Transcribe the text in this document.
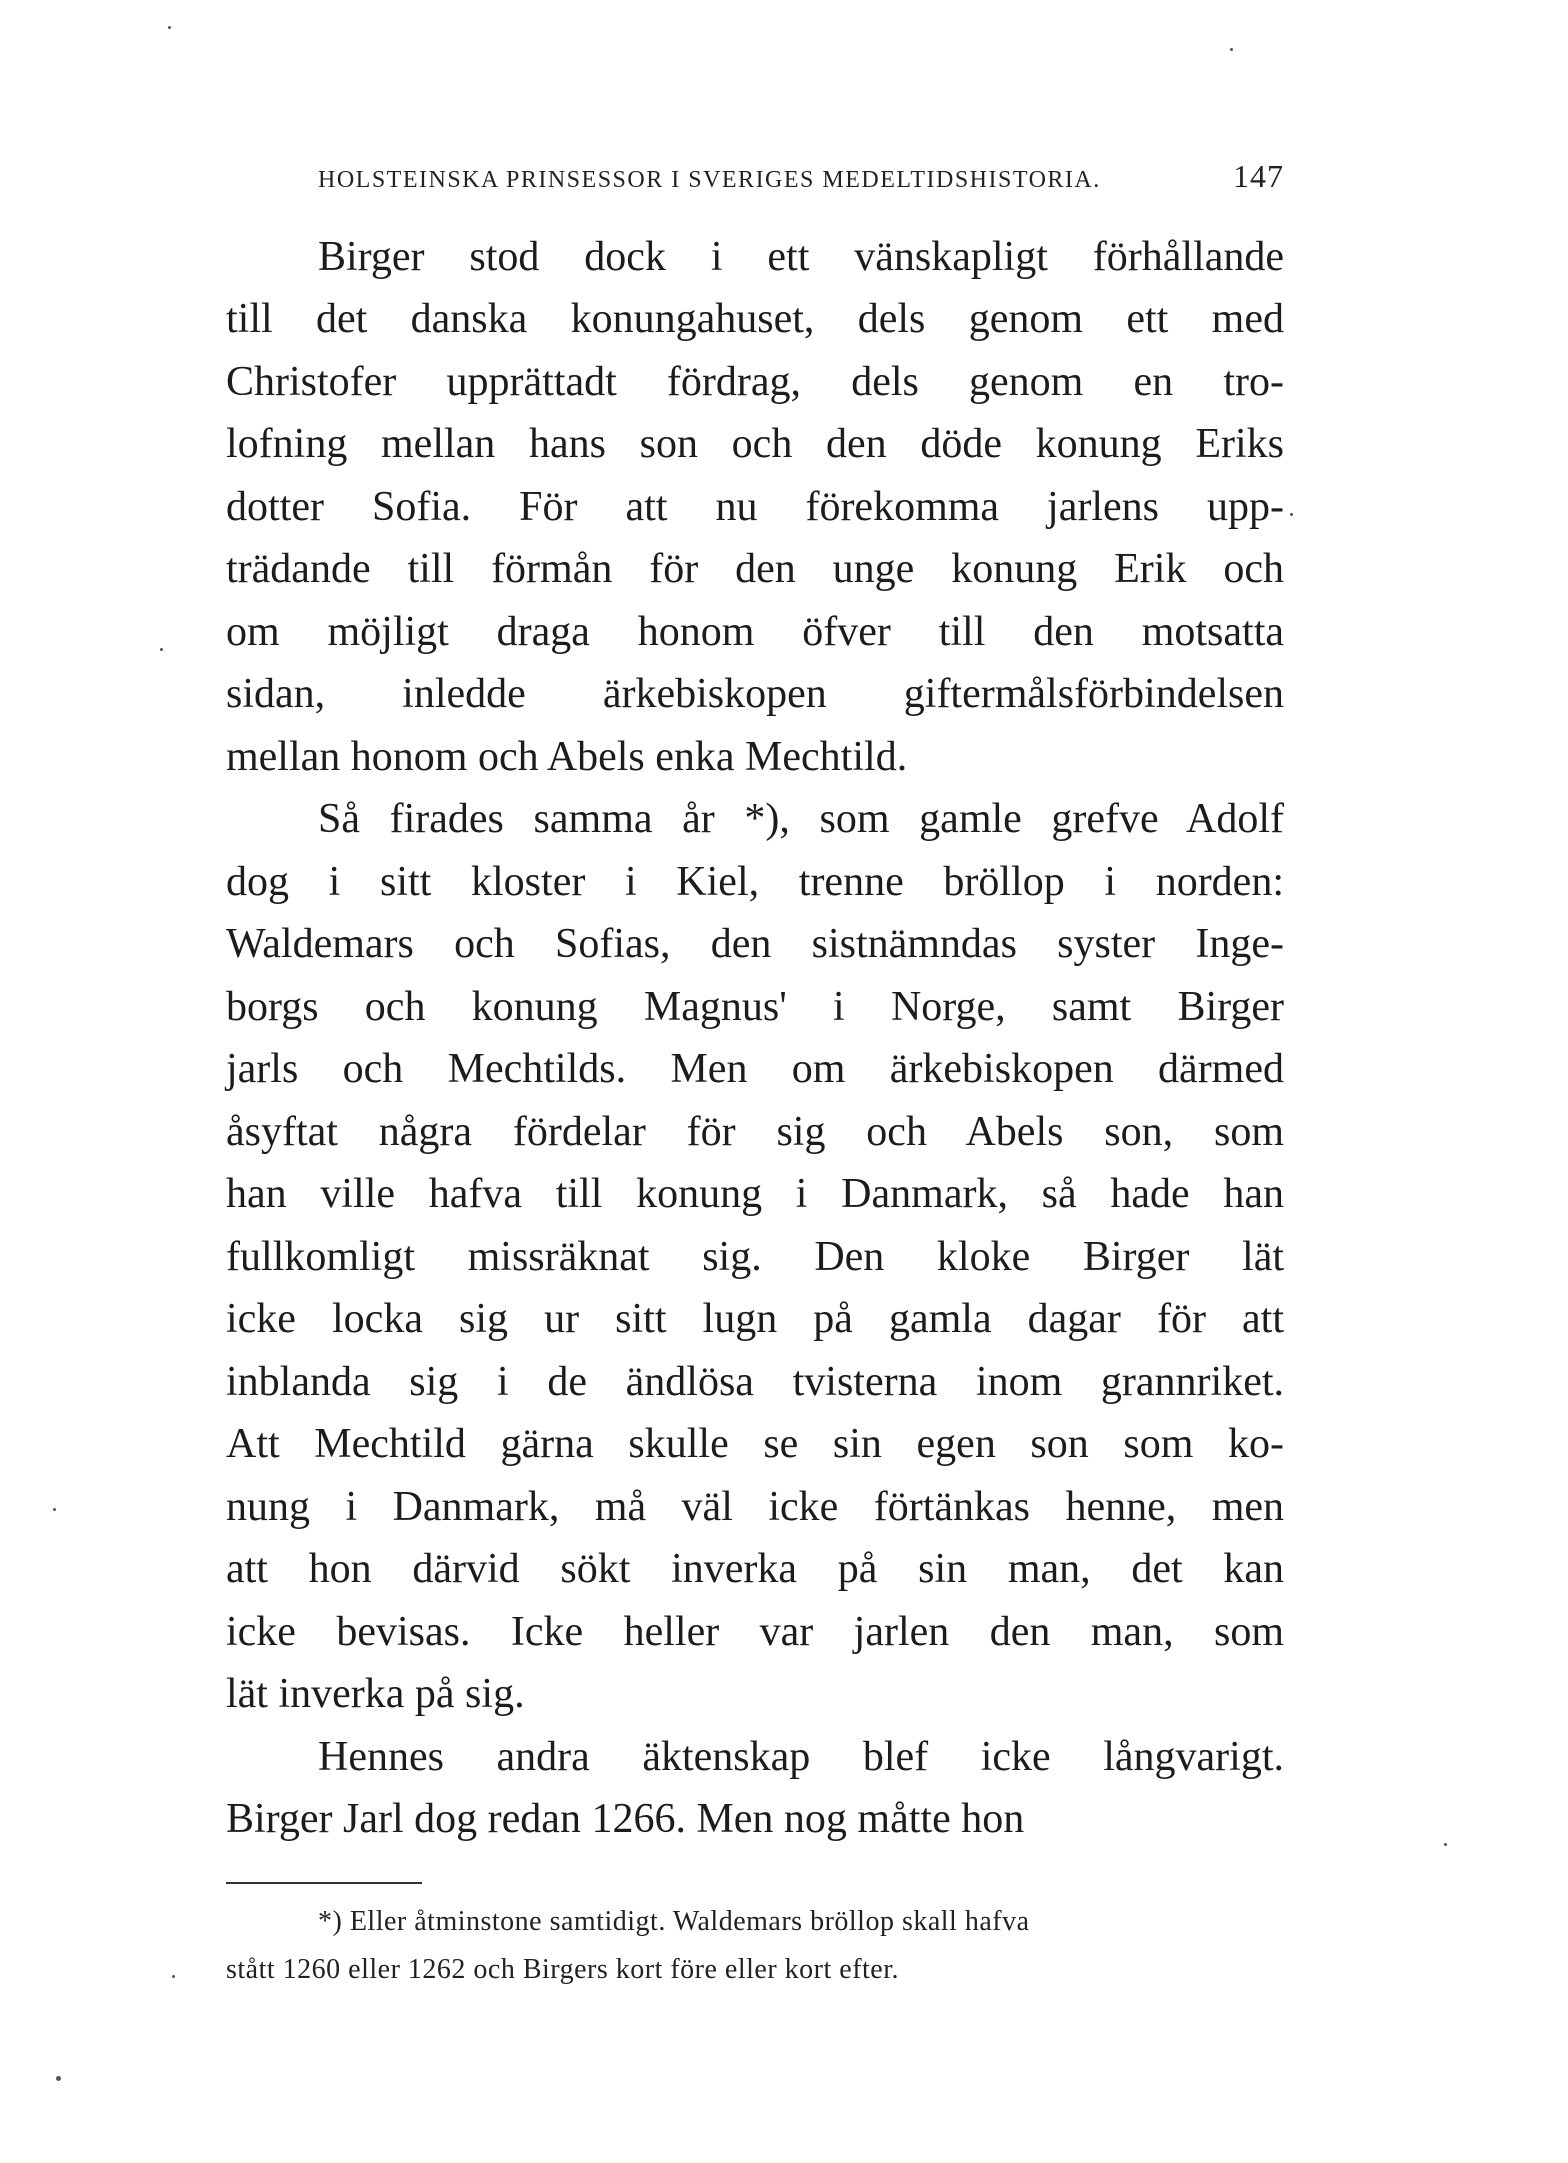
HOLSTEINSKA PRINSESSOR I SVERIGES MEDELTIDSHISTORIA.	147
Birger stod dock i ett vänskapligt förhållande
till det danska konungahuset, dels genom ett med
Christofer upprättadt fördrag, dels genom en tro-
lofning mellan hans son och den döde konung Eriks
dotter Sofia. För att nu förekomma jarlens upp-
trädande till förmån för den unge konung Erik och
om möjligt draga honom öfver till den motsatta
sidan, inledde ärkebiskopen giftermålsförbindelsen
mellan honom och Abels enka Mechtild.
Så firades samma år *), som gamle grefve Adolf
dog i sitt kloster i Kiel, trenne bröllop i norden:
Waldemars och Sofias, den sistnämndas syster Inge-
borgs och konung Magnus' i Norge, samt Birger
jarls och Mechtilds. Men om ärkebiskopen därmed
åsyftat några fördelar för sig och Abels son, som
han ville hafva till konung i Danmark, så hade han
fullkomligt missräknat sig. Den kloke Birger lät
icke locka sig ur sitt lugn på gamla dagar för att
inblanda sig i de ändlösa tvisterna inom grannriket.
Att Mechtild gärna skulle se sin egen son som ko-
nung i Danmark, må väl icke förtänkas henne, men
att hon därvid sökt inverka på sin man, det kan
icke bevisas. Icke heller var jarlen den man, som
lät inverka på sig.
Hennes andra äktenskap blef icke långvarigt.
Birger Jarl dog redan 1266. Men nog måtte hon
*) Eller åtminstone samtidigt. Waldemars bröllop skall hafva
stått 1260 eller 1262 och Birgers kort före eller kort efter.
